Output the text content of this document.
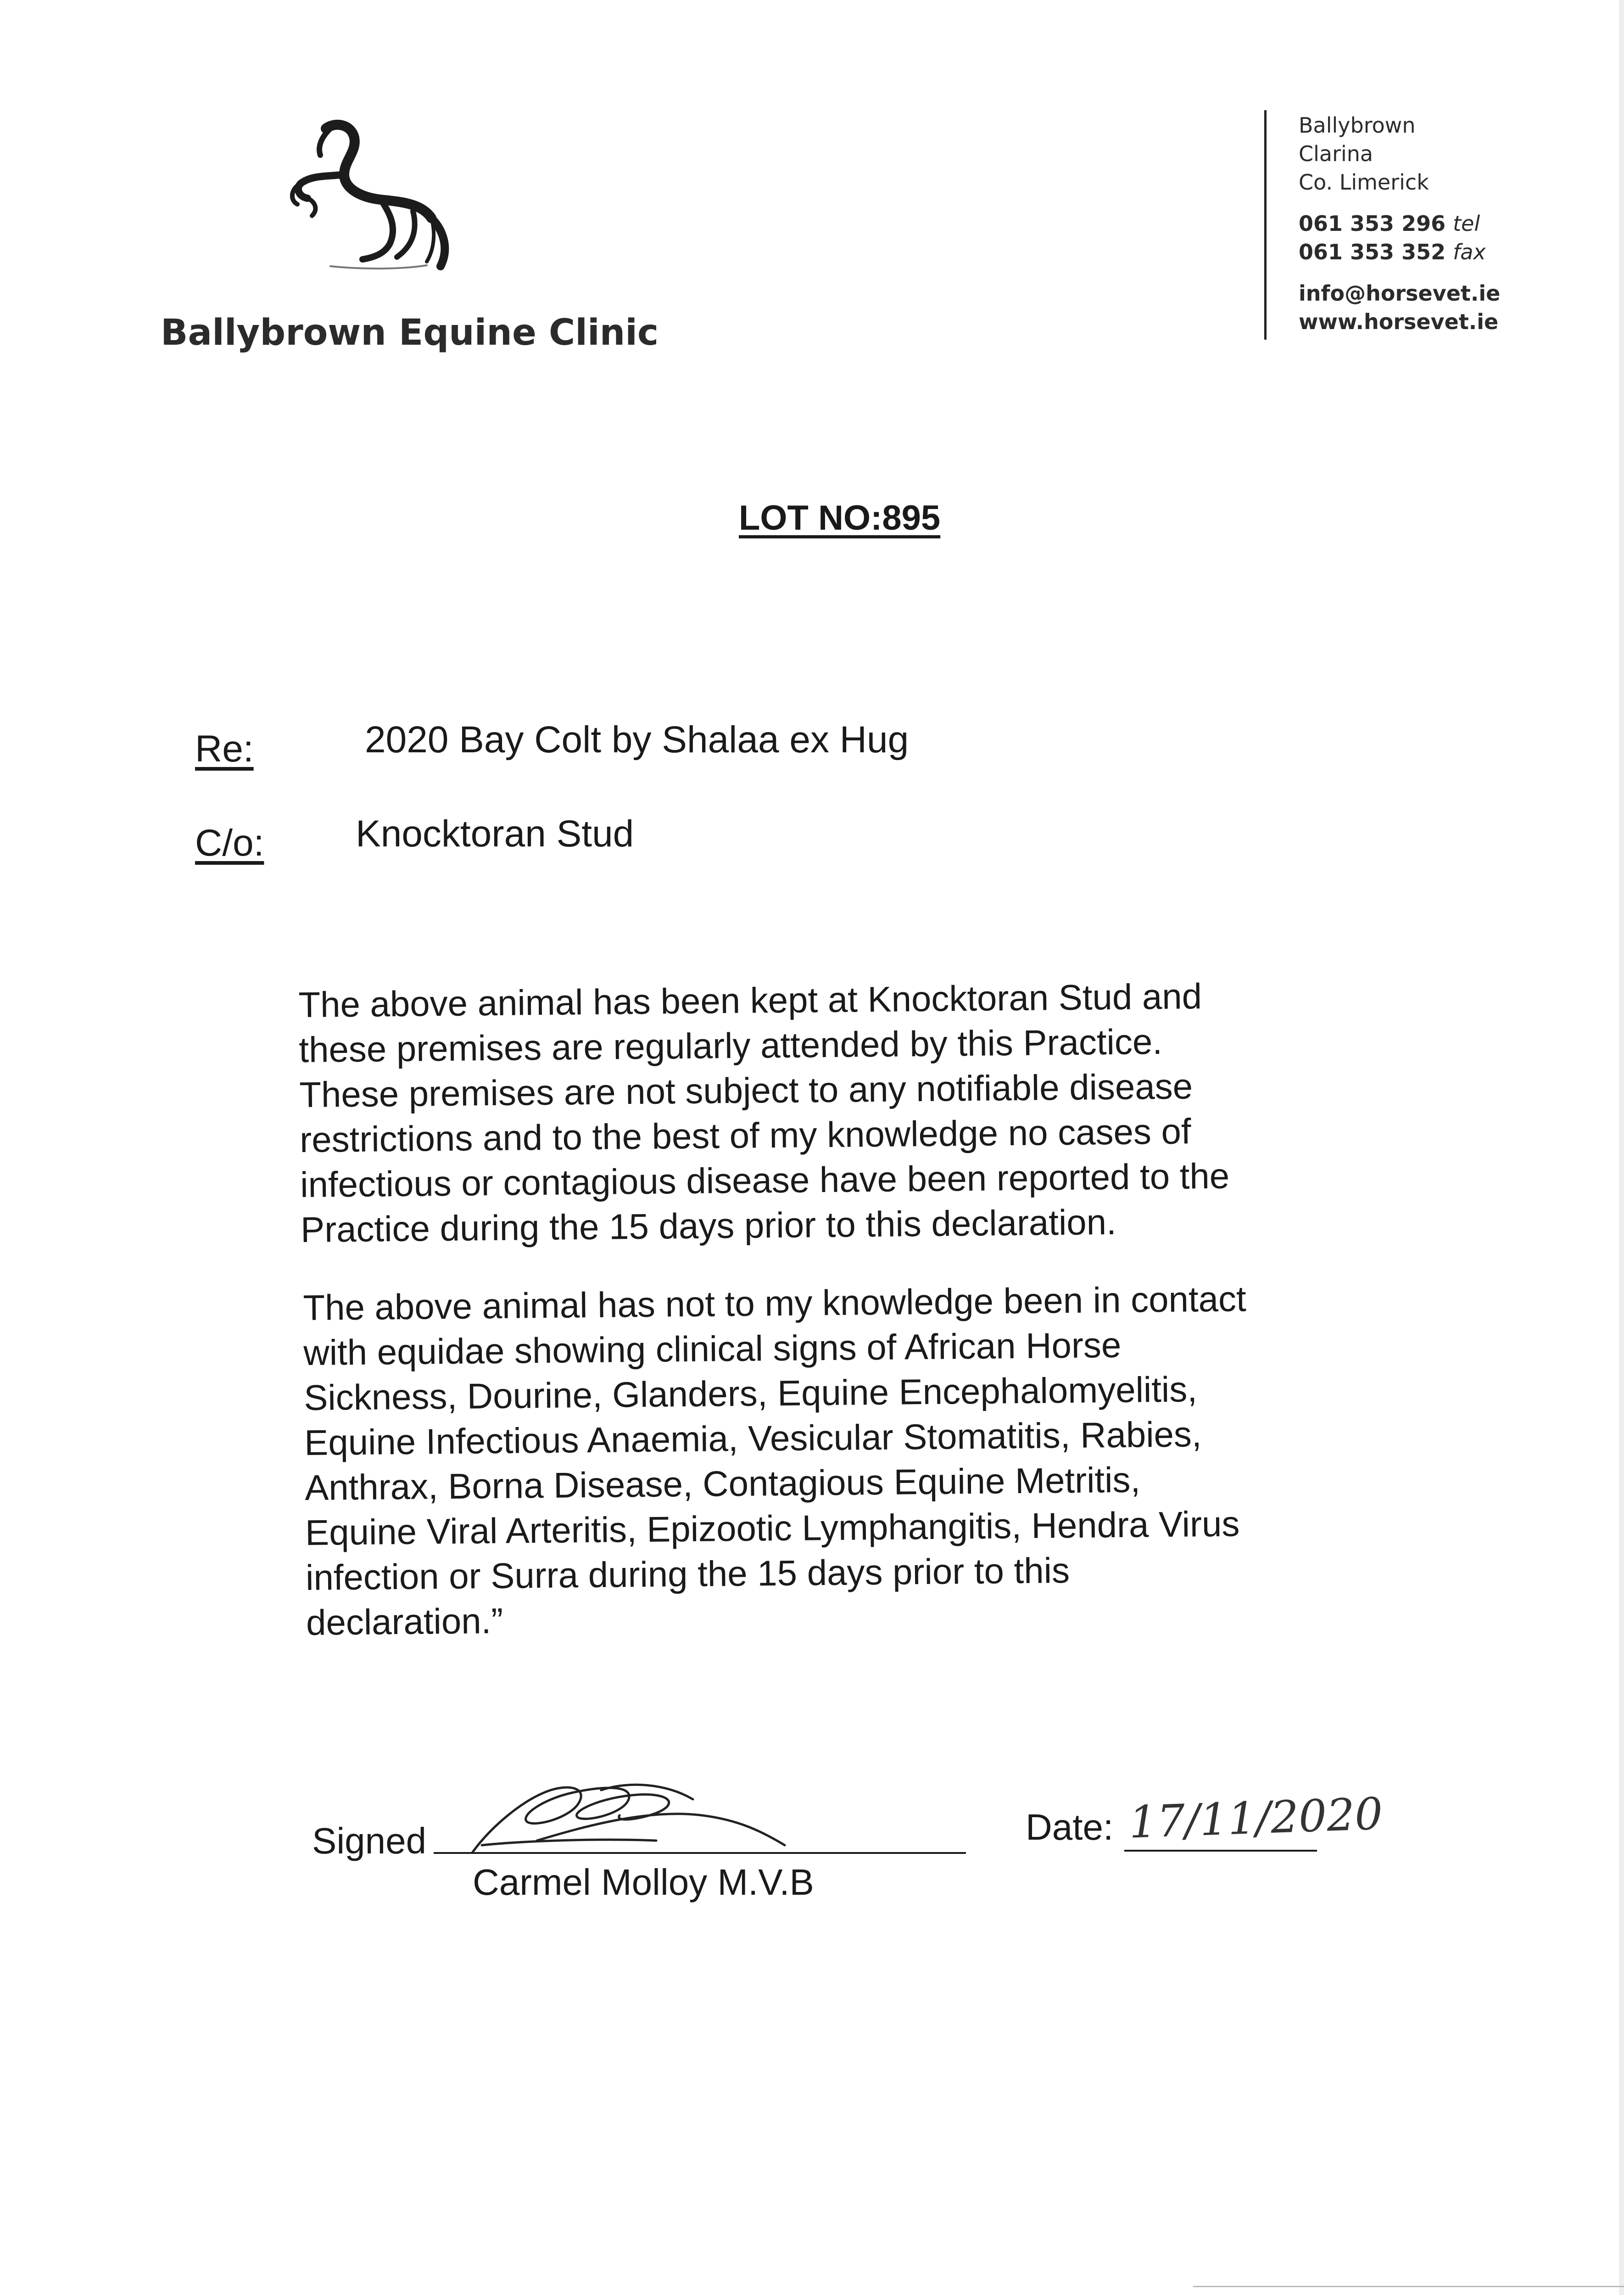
Ballybrown Equine Clinic
Ballybrown
Clarina
Co. Limerick
061 353 296 tel
061 353 352 fax
info@horsevet.ie
www.horsevet.ie
LOT NO:895
Re:	2020 Bay Colt by Shalaa ex Hug
C/o: Knocktoran Stud
The above animal has been kept at Knocktoran Stud and
these premises are regularly attended by this Practice.
These premises are not subject to any notifiable disease
restrictions and to the best of my knowledge no cases of
infectious or contagious disease have been reported to the
Practice during the 15 days prior to this declaration.
The above animal has not to my knowledge been in contact
with equidae showing clinical signs of African Horse
Sickness, Dourine, Glanders, Equine Encephalomyelitis,
Equine Infectious Anaemia, Vesicular Stomatitis, Rabies,
Anthrax, Borna Disease, Contagious Equine Metritis,
Equine Viral Arteritis, Epizootic Lymphangitis, Hendra Virus
infection or Surra during the 15 days prior to this
declaration.”
Signed
Carmel Molloy M.V.B
Date: 17/11/2020
